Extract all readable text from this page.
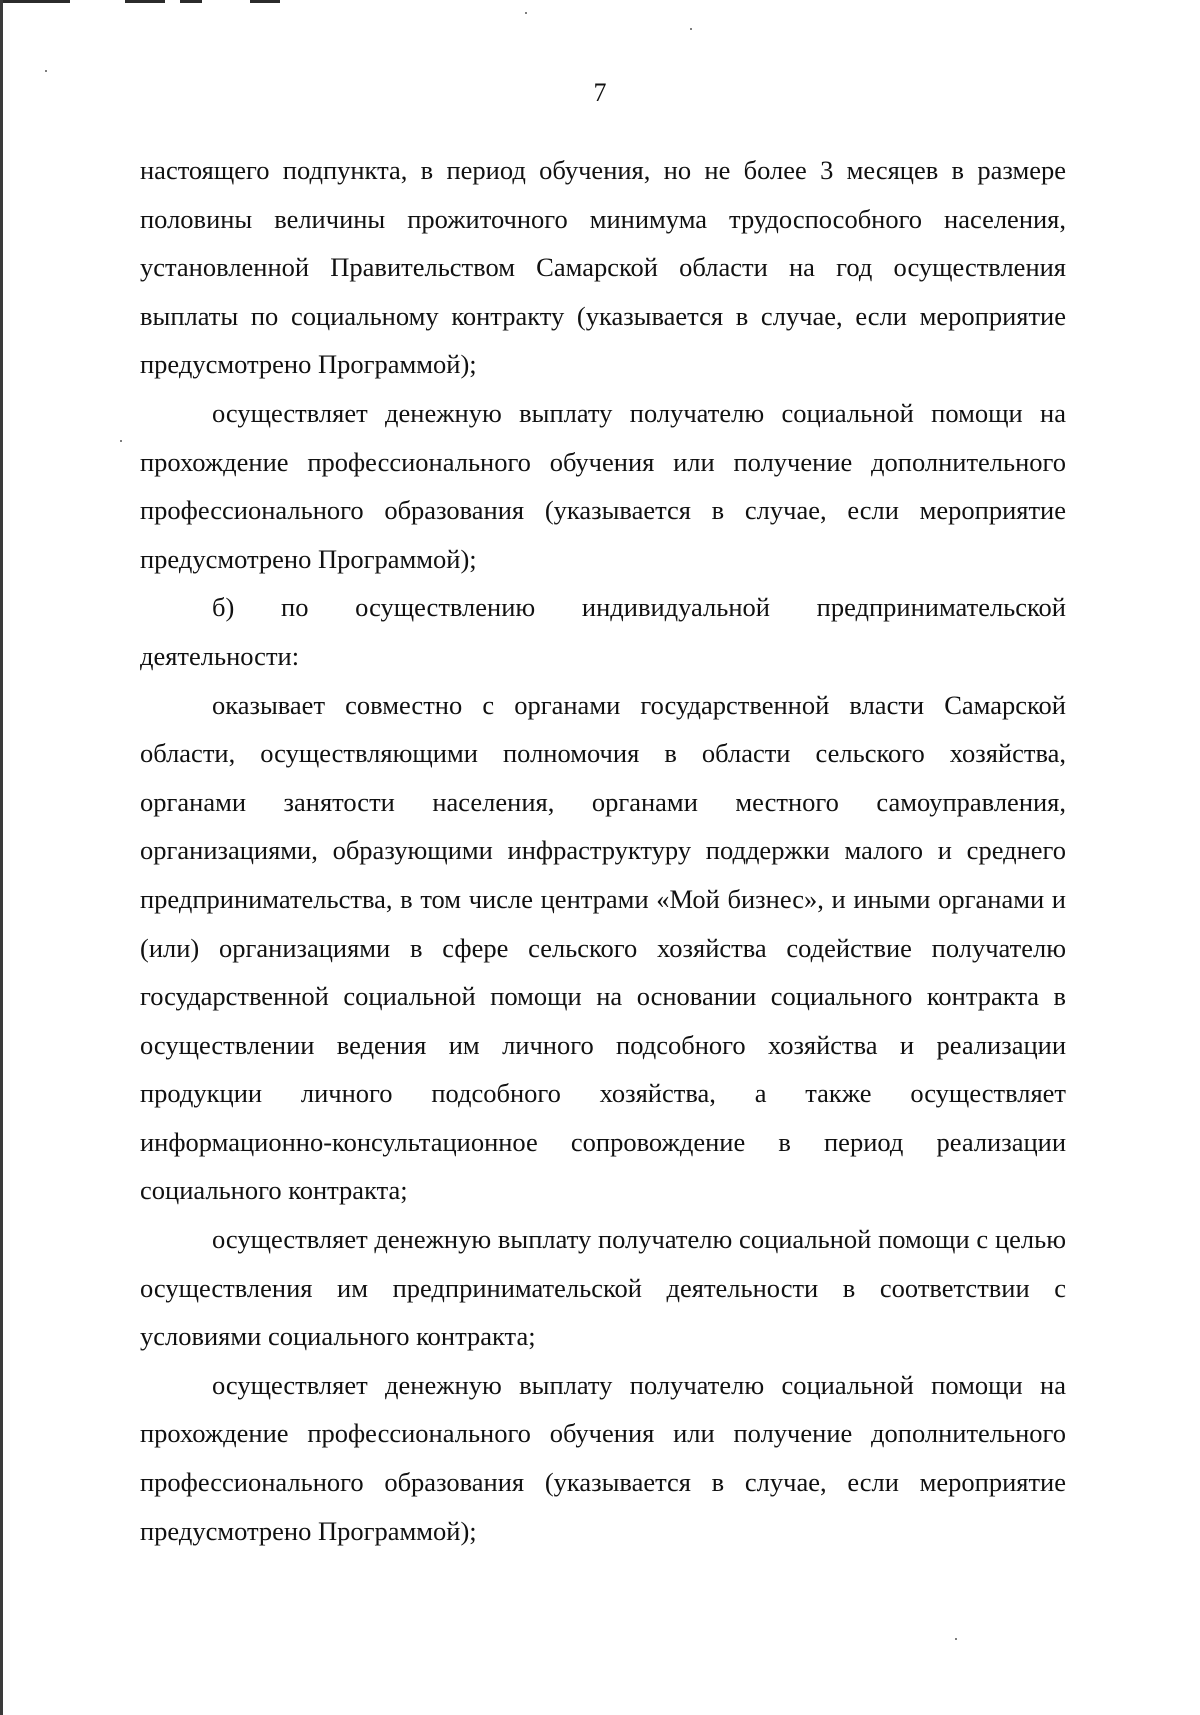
7

настоящего подпункта, в период обучения, но не более 3 месяцев в размере половины величины прожиточного минимума трудоспособного населения, установленной Правительством Самарской области на год осуществления выплаты по социальному контракту (указывается в случае, если мероприятие предусмотрено Программой);

осуществляет денежную выплату получателю социальной помощи на прохождение профессионального обучения или получение дополнительного профессионального образования (указывается в случае, если мероприятие предусмотрено Программой);

б) по осуществлению индивидуальной предпринимательской деятельности:

оказывает совместно с органами государственной власти Самарской области, осуществляющими полномочия в области сельского хозяйства, органами занятости населения, органами местного самоуправления, организациями, образующими инфраструктуру поддержки малого и среднего предпринимательства, в том числе центрами «Мой бизнес», и иными органами и (или) организациями в сфере сельского хозяйства содействие получателю государственной социальной помощи на основании социального контракта в осуществлении ведения им личного подсобного хозяйства и реализации продукции личного подсобного хозяйства, а также осуществляет информационно-консультационное сопровождение в период реализации социального контракта;

осуществляет денежную выплату получателю социальной помощи с целью осуществления им предпринимательской деятельности в соответствии с условиями социального контракта;

осуществляет денежную выплату получателю социальной помощи на прохождение профессионального обучения или получение дополнительного профессионального образования (указывается в случае, если мероприятие предусмотрено Программой);
